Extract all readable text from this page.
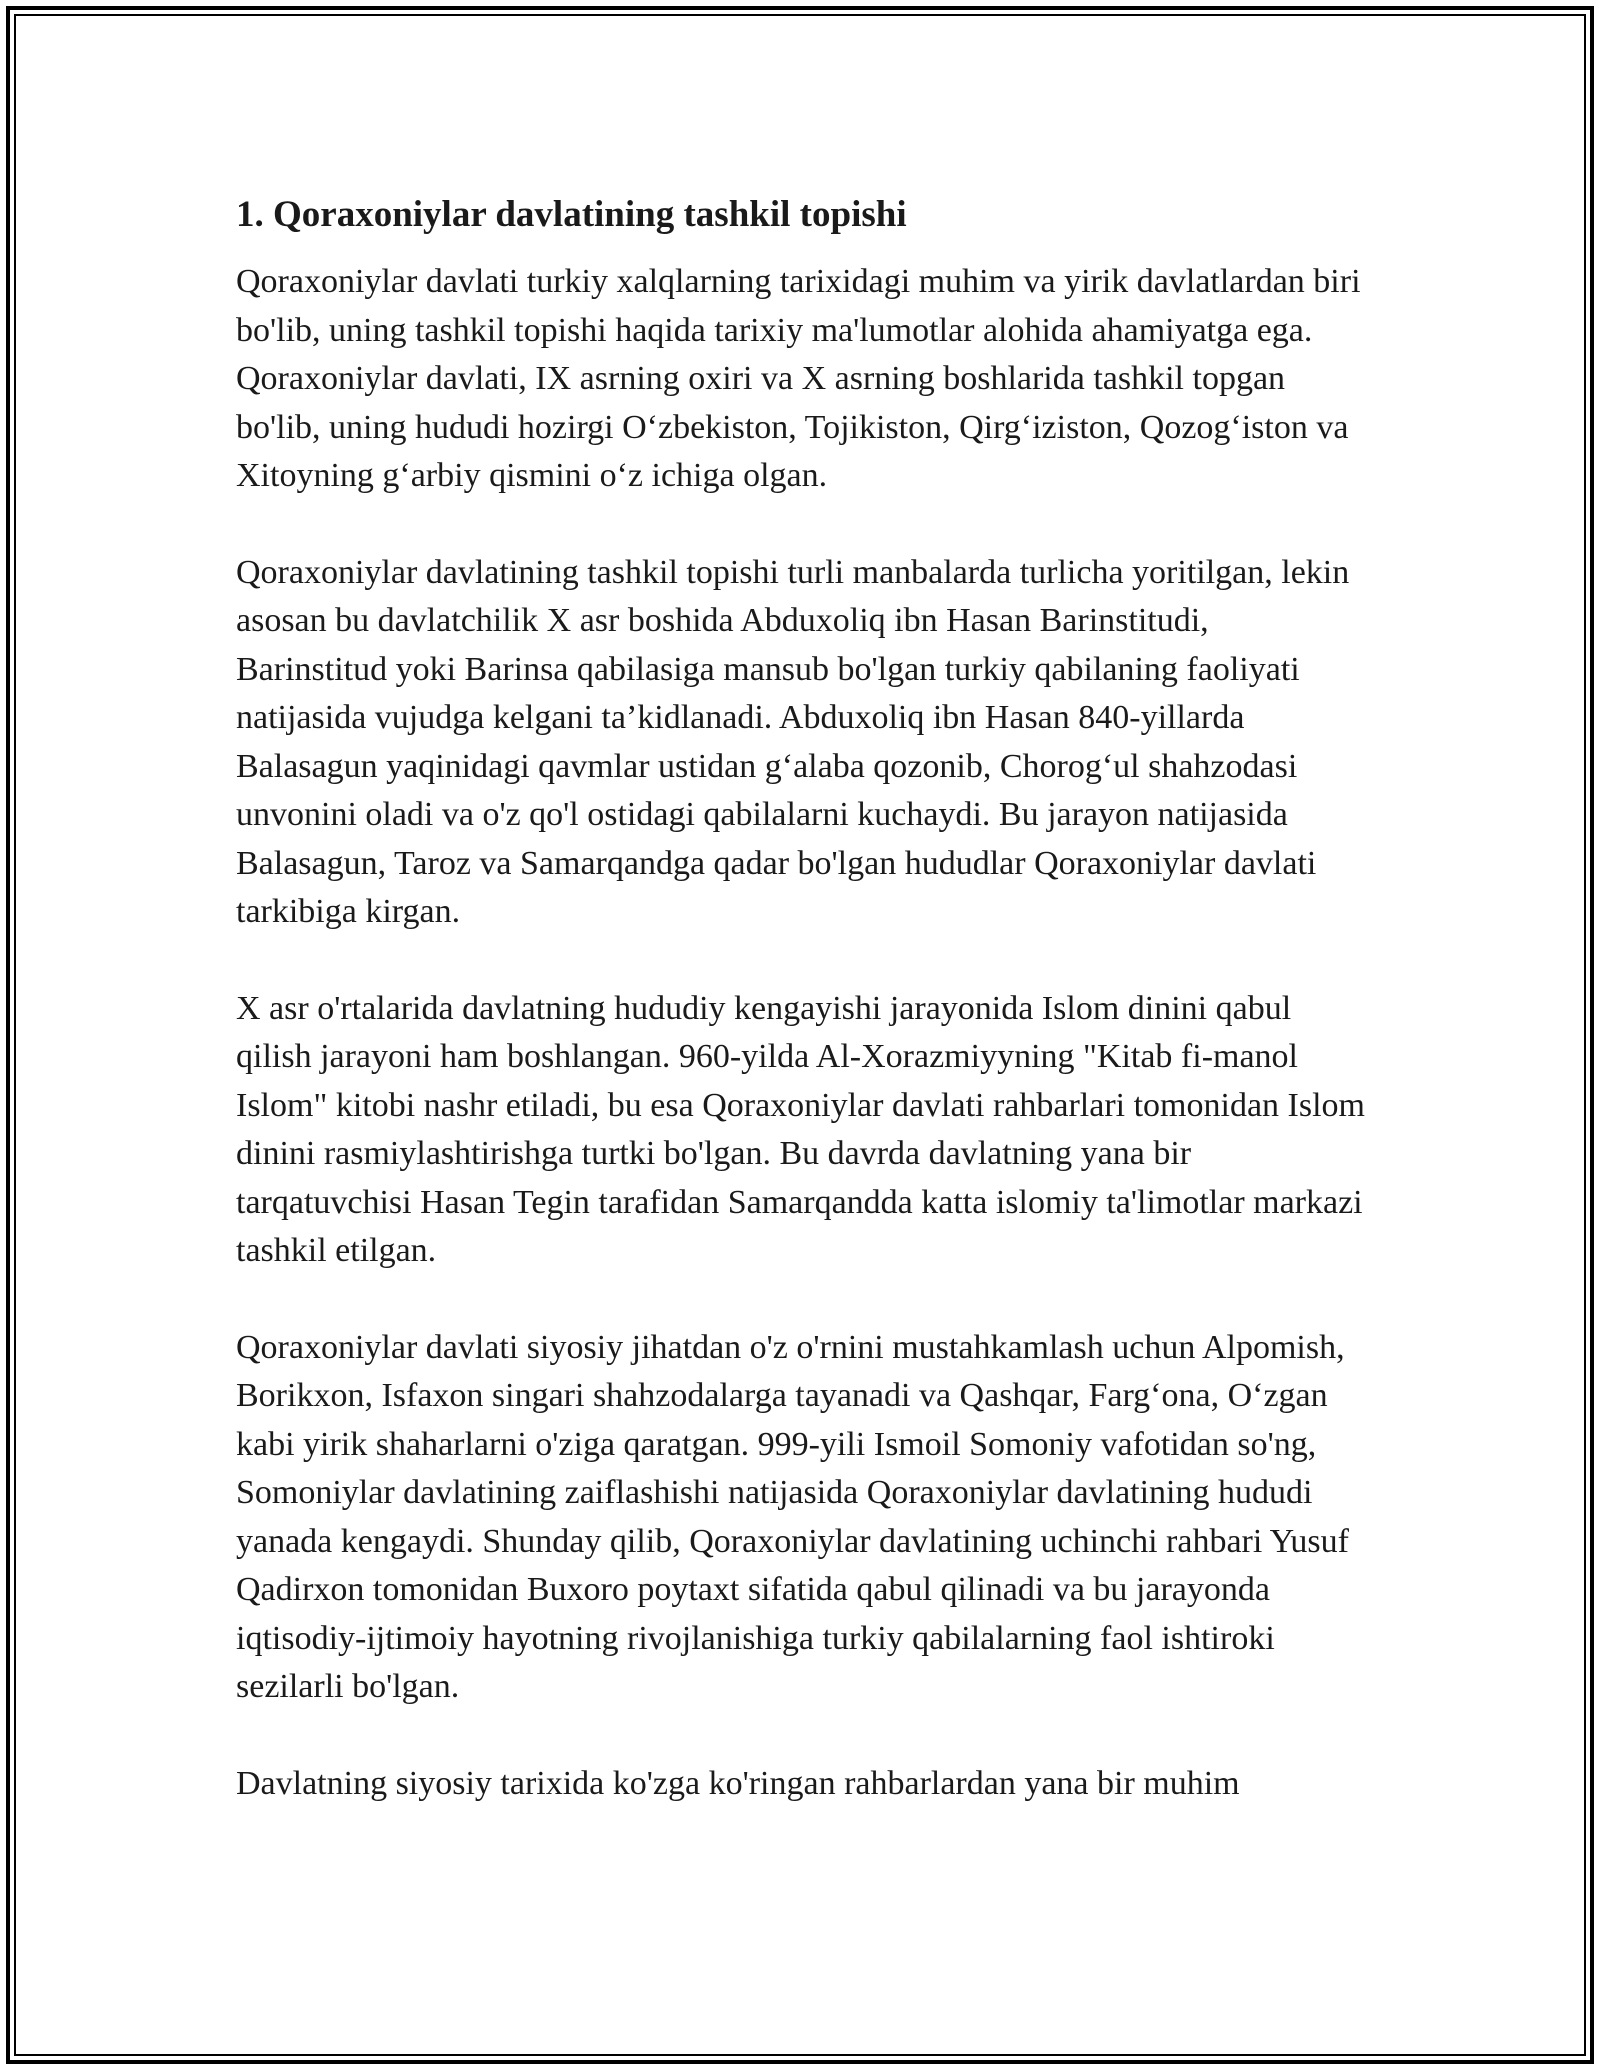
1. Qoraxoniylar davlatining tashkil topishi

Qoraxoniylar davlati turkiy xalqlarning tarixidagi muhim va yirik davlatlardan biri bo'lib, uning tashkil topishi haqida tarixiy ma'lumotlar alohida ahamiyatga ega. Qoraxoniylar davlati, IX asrning oxiri va X asrning boshlarida tashkil topgan bo'lib, uning hududi hozirgi O‘zbekiston, Tojikiston, Qirg‘iziston, Qozog‘iston va Xitoyning g‘arbiy qismini o‘z ichiga olgan.

Qoraxoniylar davlatining tashkil topishi turli manbalarda turlicha yoritilgan, lekin asosan bu davlatchilik X asr boshida Abduxoliq ibn Hasan Barinstitudi, Barinstitud yoki Barinsa qabilasiga mansub bo'lgan turkiy qabilaning faoliyati natijasida vujudga kelgani ta’kidlanadi. Abduxoliq ibn Hasan 840-yillarda Balasagun yaqinidagi qavmlar ustidan g‘alaba qozonib, Chorog‘ul shahzodasi unvonini oladi va o'z qo'l ostidagi qabilalarni kuchaydi. Bu jarayon natijasida Balasagun, Taroz va Samarqandga qadar bo'lgan hududlar Qoraxoniylar davlati tarkibiga kirgan.

X asr o'rtalarida davlatning hududiy kengayishi jarayonida Islom dinini qabul qilish jarayoni ham boshlangan. 960-yilda Al-Xorazmiyyning "Kitab fi-manol Islom" kitobi nashr etiladi, bu esa Qoraxoniylar davlati rahbarlari tomonidan Islom dinini rasmiylashtirishga turtki bo'lgan. Bu davrda davlatning yana bir tarqatuvchisi Hasan Tegin tarafidan Samarqandda katta islomiy ta'limotlar markazi tashkil etilgan.

Qoraxoniylar davlati siyosiy jihatdan o'z o'rnini mustahkamlash uchun Alpomish, Borikxon, Isfaxon singari shahzodalarga tayanadi va Qashqar, Farg‘ona, O‘zgan kabi yirik shaharlarni o'ziga qaratgan. 999-yili Ismoil Somoniy vafotidan so'ng, Somoniylar davlatining zaiflashishi natijasida Qoraxoniylar davlatining hududi yanada kengaydi. Shunday qilib, Qoraxoniylar davlatining uchinchi rahbari Yusuf Qadirxon tomonidan Buxoro poytaxt sifatida qabul qilinadi va bu jarayonda iqtisodiy-ijtimoiy hayotning rivojlanishiga turkiy qabilalarning faol ishtiroki sezilarli bo'lgan.

Davlatning siyosiy tarixida ko'zga ko'ringan rahbarlardan yana bir muhim
